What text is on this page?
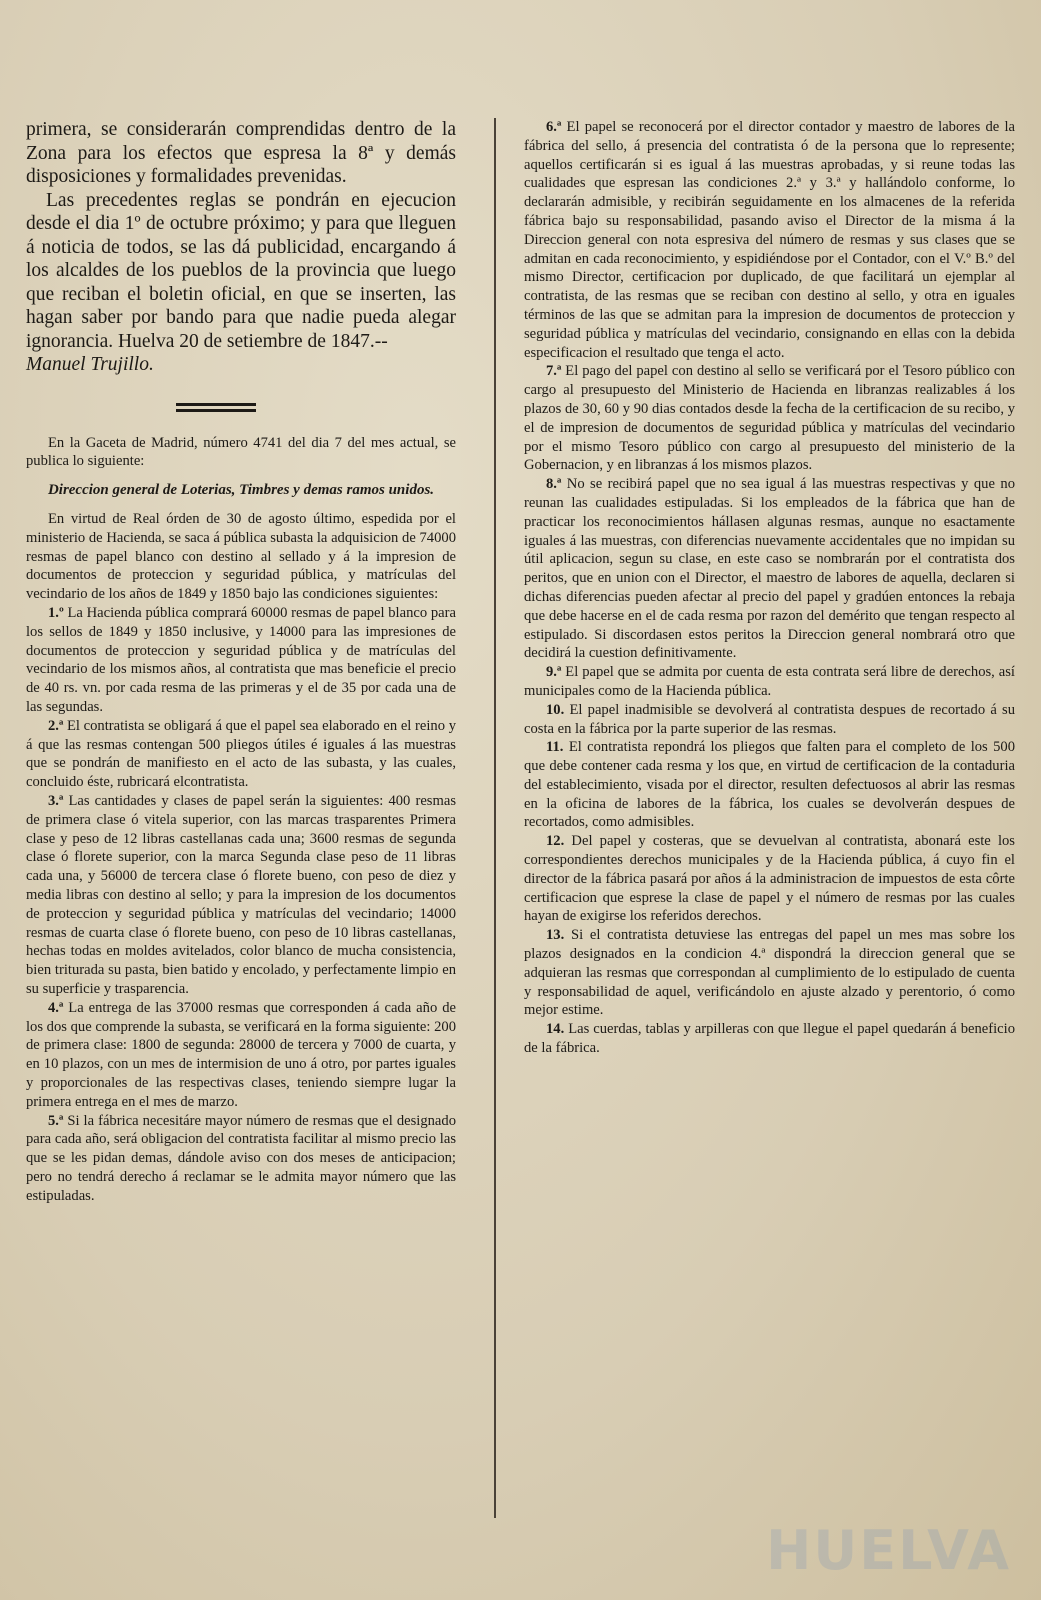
primera, se considerarán comprendidas dentro de la Zona para los efectos que espresa la 8ª y demás disposiciones y formalidades prevenidas.

Las precedentes reglas se pondrán en ejecucion desde el dia 1º de octubre próximo; y para que lleguen á noticia de todos, se las dá publicidad, encargando á los alcaldes de los pueblos de la provincia que luego que reciban el boletin oficial, en que se inserten, las hagan saber por bando para que nadie pueda alegar ignorancia. Huelva 20 de setiembre de 1847.--

Manuel Trujillo.

En la Gaceta de Madrid, número 4741 del dia 7 del mes actual, se publica lo siguiente:

Direccion general de Loterias, Timbres y demas ramos unidos.

En virtud de Real órden de 30 de agosto último, espedida por el ministerio de Hacienda, se saca á pública subasta la adquisicion de 74000 resmas de papel blanco con destino al sellado y á la impresion de documentos de proteccion y seguridad pública, y matrículas del vecindario de los años de 1849 y 1850 bajo las condiciones siguientes:

1.º La Hacienda pública comprará 60000 resmas de papel blanco para los sellos de 1849 y 1850 inclusive, y 14000 para las impresiones de documentos de proteccion y seguridad pública y de matrículas del vecindario de los mismos años, al contratista que mas beneficie el precio de 40 rs. vn. por cada resma de las primeras y el de 35 por cada una de las segundas.

2.ª El contratista se obligará á que el papel sea elaborado en el reino y á que las resmas contengan 500 pliegos útiles é iguales á las muestras que se pondrán de manifiesto en el acto de las subasta, y las cuales, concluido éste, rubricará elcontratista.

3.ª Las cantidades y clases de papel serán la siguientes: 400 resmas de primera clase ó vitela superior, con las marcas trasparentes Primera clase y peso de 12 libras castellanas cada una; 3600 resmas de segunda clase ó florete superior, con la marca Segunda clase peso de 11 libras cada una, y 56000 de tercera clase ó florete bueno, con peso de diez y media libras con destino al sello; y para la impresion de los documentos de proteccion y seguridad pública y matrículas del vecindario; 14000 resmas de cuarta clase ó florete bueno, con peso de 10 libras castellanas, hechas todas en moldes avitelados, color blanco de mucha consistencia, bien triturada su pasta, bien batido y encolado, y perfectamente limpio en su superficie y trasparencia.

4.ª La entrega de las 37000 resmas que corresponden á cada año de los dos que comprende la subasta, se verificará en la forma siguiente: 200 de primera clase: 1800 de segunda: 28000 de tercera y 7000 de cuarta, y en 10 plazos, con un mes de intermision de uno á otro, por partes iguales y proporcionales de las respectivas clases, teniendo siempre lugar la primera entrega en el mes de marzo.

5.ª Si la fábrica necesitáre mayor número de resmas que el designado para cada año, será obligacion del contratista facilitar al mismo precio las que se les pidan demas, dándole aviso con dos meses de anticipacion; pero no tendrá derecho á reclamar se le admita mayor número que las estipuladas.

6.ª El papel se reconocerá por el director contador y maestro de labores de la fábrica del sello, á presencia del contratista ó de la persona que lo represente; aquellos certificarán si es igual á las muestras aprobadas, y si reune todas las cualidades que espresan las condiciones 2.ª y 3.ª y hallándolo conforme, lo declararán admisible, y recibirán seguidamente en los almacenes de la referida fábrica bajo su responsabilidad, pasando aviso el Director de la misma á la Direccion general con nota espresiva del número de resmas y sus clases que se admitan en cada reconocimiento, y espidiéndose por el Contador, con el V.º B.º del mismo Director, certificacion por duplicado, de que facilitará un ejemplar al contratista, de las resmas que se reciban con destino al sello, y otra en iguales términos de las que se admitan para la impresion de documentos de proteccion y seguridad pública y matrículas del vecindario, consignando en ellas con la debida especificacion el resultado que tenga el acto.

7.ª El pago del papel con destino al sello se verificará por el Tesoro público con cargo al presupuesto del Ministerio de Hacienda en libranzas realizables á los plazos de 30, 60 y 90 dias contados desde la fecha de la certificacion de su recibo, y el de impresion de documentos de seguridad pública y matrículas del vecindario por el mismo Tesoro público con cargo al presupuesto del ministerio de la Gobernacion, y en libranzas á los mismos plazos.

8.ª No se recibirá papel que no sea igual á las muestras respectivas y que no reunan las cualidades estipuladas. Si los empleados de la fábrica que han de practicar los reconocimientos hállasen algunas resmas, aunque no esactamente iguales á las muestras, con diferencias nuevamente accidentales que no impidan su útil aplicacion, segun su clase, en este caso se nombrarán por el contratista dos peritos, que en union con el Director, el maestro de labores de aquella, declaren si dichas diferencias pueden afectar al precio del papel y gradúen entonces la rebaja que debe hacerse en el de cada resma por razon del demérito que tengan respecto al estipulado. Si discordasen estos peritos la Direccion general nombrará otro que decidirá la cuestion definitivamente.

9.ª El papel que se admita por cuenta de esta contrata será libre de derechos, así municipales como de la Hacienda pública.

10. El papel inadmisible se devolverá al contratista despues de recortado á su costa en la fábrica por la parte superior de las resmas.

11. El contratista repondrá los pliegos que falten para el completo de los 500 que debe contener cada resma y los que, en virtud de certificacion de la contaduria del establecimiento, visada por el director, resulten defectuosos al abrir las resmas en la oficina de labores de la fábrica, los cuales se devolverán despues de recortados, como admisibles.

12. Del papel y costeras, que se devuelvan al contratista, abonará este los correspondientes derechos municipales y de la Hacienda pública, á cuyo fin el director de la fábrica pasará por años á la administracion de impuestos de esta côrte certificacion que esprese la clase de papel y el número de resmas por las cuales hayan de exigirse los referidos derechos.

13. Si el contratista detuviese las entregas del papel un mes mas sobre los plazos designados en la condicion 4.ª dispondrá la direccion general que se adquieran las resmas que correspondan al cumplimiento de lo estipulado de cuenta y responsabilidad de aquel, verificándolo en ajuste alzado y perentorio, ó como mejor estime.

14. Las cuerdas, tablas y arpilleras con que llegue el papel quedarán á beneficio de la fábrica.

HUELVA
